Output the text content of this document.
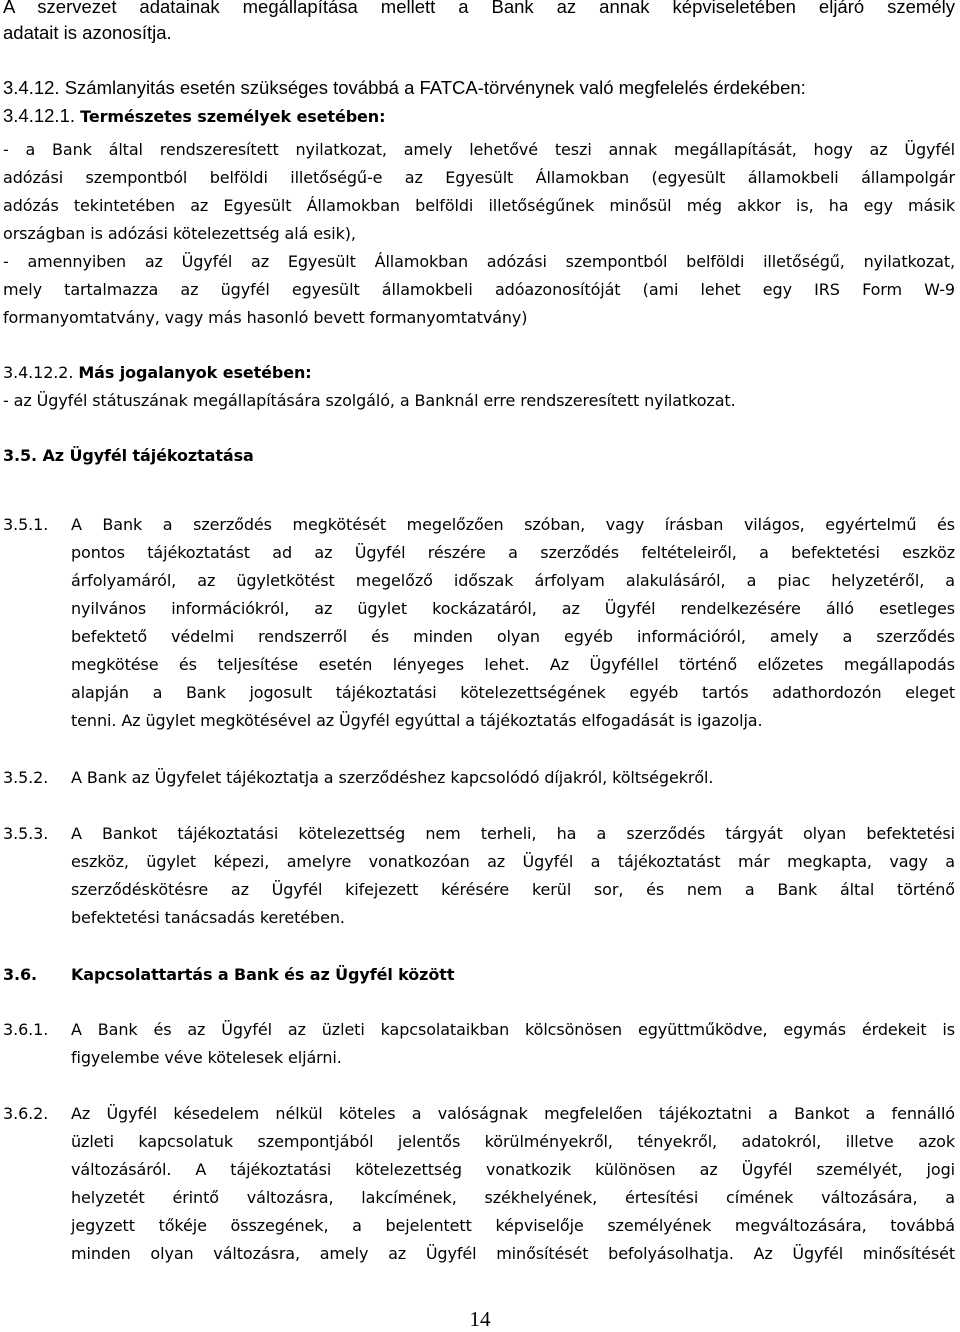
A szervezet adatainak megállapítása mellett a Bank az annak képviseletében eljáró személy
adatait is azonosítja.
3.4.12. Számlanyitás esetén szükséges továbbá a FATCA-törvénynek való megfelelés érdekében:
3.4.12.1. Természetes személyek esetében:
- a Bank által rendszeresített nyilatkozat, amely lehetővé teszi annak megállapítását, hogy az Ügyfél
adózási szempontból belföldi illetőségű-e az Egyesült Államokban (egyesült államokbeli állampolgár
adózás tekintetében az Egyesült Államokban belföldi illetőségűnek minősül még akkor is, ha egy másik
országban is adózási kötelezettség alá esik),
- amennyiben az Ügyfél az Egyesült Államokban adózási szempontból belföldi illetőségű, nyilatkozat,
mely tartalmazza az ügyfél egyesült államokbeli adóazonosítóját (ami lehet egy IRS Form W-9
formanyomtatvány, vagy más hasonló bevett formanyomtatvány)
3.4.12.2. Más jogalanyok esetében:
- az Ügyfél státuszának megállapítására szolgáló, a Banknál erre rendszeresített nyilatkozat.
3.5. Az Ügyfél tájékoztatása
3.5.1. A Bank a szerződés megkötését megelőzően szóban, vagy írásban világos, egyértelmű és
pontos tájékoztatást ad az Ügyfél részére a szerződés feltételeiről, a befektetési eszköz
árfolyamáról, az ügyletkötést megelőző időszak árfolyam alakulásáról, a piac helyzetéről, a
nyilvános információkról, az ügylet kockázatáról, az Ügyfél rendelkezésére álló esetleges
befektető védelmi rendszerről és minden olyan egyéb információról, amely a szerződés
megkötése és teljesítése esetén lényeges lehet. Az Ügyféllel történő előzetes megállapodás
alapján a Bank jogosult tájékoztatási kötelezettségének egyéb tartós adathordozón eleget
tenni. Az ügylet megkötésével az Ügyfél egyúttal a tájékoztatás elfogadását is igazolja.
3.5.2. A Bank az Ügyfelet tájékoztatja a szerződéshez kapcsolódó díjakról, költségekről.
3.5.3. A Bankot tájékoztatási kötelezettség nem terheli, ha a szerződés tárgyát olyan befektetési
eszköz, ügylet képezi, amelyre vonatkozóan az Ügyfél a tájékoztatást már megkapta, vagy a
szerződéskötésre az Ügyfél kifejezett kérésére kerül sor, és nem a Bank által történő
befektetési tanácsadás keretében.
3.6. Kapcsolattartás a Bank és az Ügyfél között
3.6.1. A Bank és az Ügyfél az üzleti kapcsolataikban kölcsönösen együttműködve, egymás érdekeit is
figyelembe véve kötelesek eljárni.
3.6.2. Az Ügyfél késedelem nélkül köteles a valóságnak megfelelően tájékoztatni a Bankot a fennálló
üzleti kapcsolatuk szempontjából jelentős körülményekről, tényekről, adatokról, illetve azok
változásáról. A tájékoztatási kötelezettség vonatkozik különösen az Ügyfél személyét, jogi
helyzetét érintő változásra, lakcímének, székhelyének, értesítési címének változására, a
jegyzett tőkéje összegének, a bejelentett képviselője személyének megváltozására, továbbá
minden olyan változásra, amely az Ügyfél minősítését befolyásolhatja. Az Ügyfél minősítését
14
